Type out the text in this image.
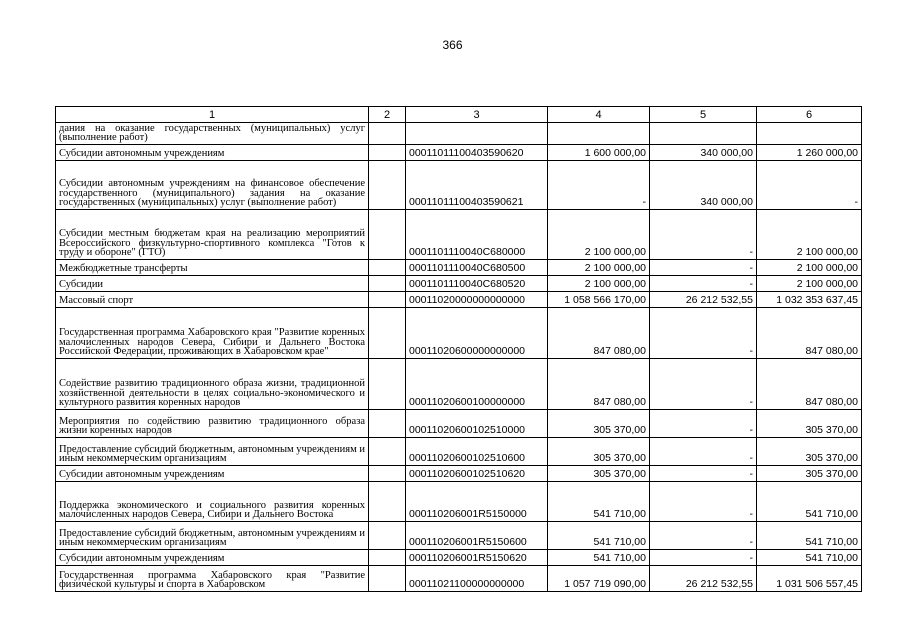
366
1	2	3	4	5	6
дания на оказание государственных (муниципальных) услуг (выполнение работ)					
Субсидии автономным учреждениям		00011011100403590620	1 600 000,00	340 000,00	1 260 000,00
Субсидии автономным учреждениям на финансовое обеспечение государственного (муниципального) задания на оказание государственных (муниципальных) услуг (выполнение работ)		00011011100403590621	-	340 000,00	-
Субсидии местным бюджетам края на реализацию мероприятий Всероссийского физкультурно-спортивного комплекса "Готов к труду и обороне" (ГТО)		0001101110040С680000	2 100 000,00	-	2 100 000,00
Межбюджетные трансферты		0001101110040С680500	2 100 000,00	-	2 100 000,00
Субсидии		0001101110040С680520	2 100 000,00	-	2 100 000,00
Массовый спорт		00011020000000000000	1 058 566 170,00	26 212 532,55	1 032 353 637,45
Государственная программа Хабаровского края "Развитие коренных малочисленных народов Севера, Сибири и Дальнего Востока Российской Федерации, проживающих в Хабаровском крае"		00011020600000000000	847 080,00	-	847 080,00
Содействие развитию традиционного образа жизни, традиционной хозяйственной деятельности в целях социально-экономического и культурного развития коренных народов		00011020600100000000	847 080,00	-	847 080,00
Мероприятия по содействию развитию традиционного образа жизни коренных народов		00011020600102510000	305 370,00	-	305 370,00
Предоставление субсидий бюджетным, автономным учреждениям и иным некоммерческим организациям		00011020600102510600	305 370,00	-	305 370,00
Субсидии автономным учреждениям		00011020600102510620	305 370,00	-	305 370,00
Поддержка экономического и социального развития коренных малочисленных народов Севера, Сибири и Дальнего Востока		000110206001R5150000	541 710,00	-	541 710,00
Предоставление субсидий бюджетным, автономным учреждениям и иным некоммерческим организациям		000110206001R5150600	541 710,00	-	541 710,00
Субсидии автономным учреждениям		000110206001R5150620	541 710,00	-	541 710,00
Государственная программа Хабаровского края "Развитие физической культуры и спорта в Хабаровском		00011021100000000000	1 057 719 090,00	26 212 532,55	1 031 506 557,45
